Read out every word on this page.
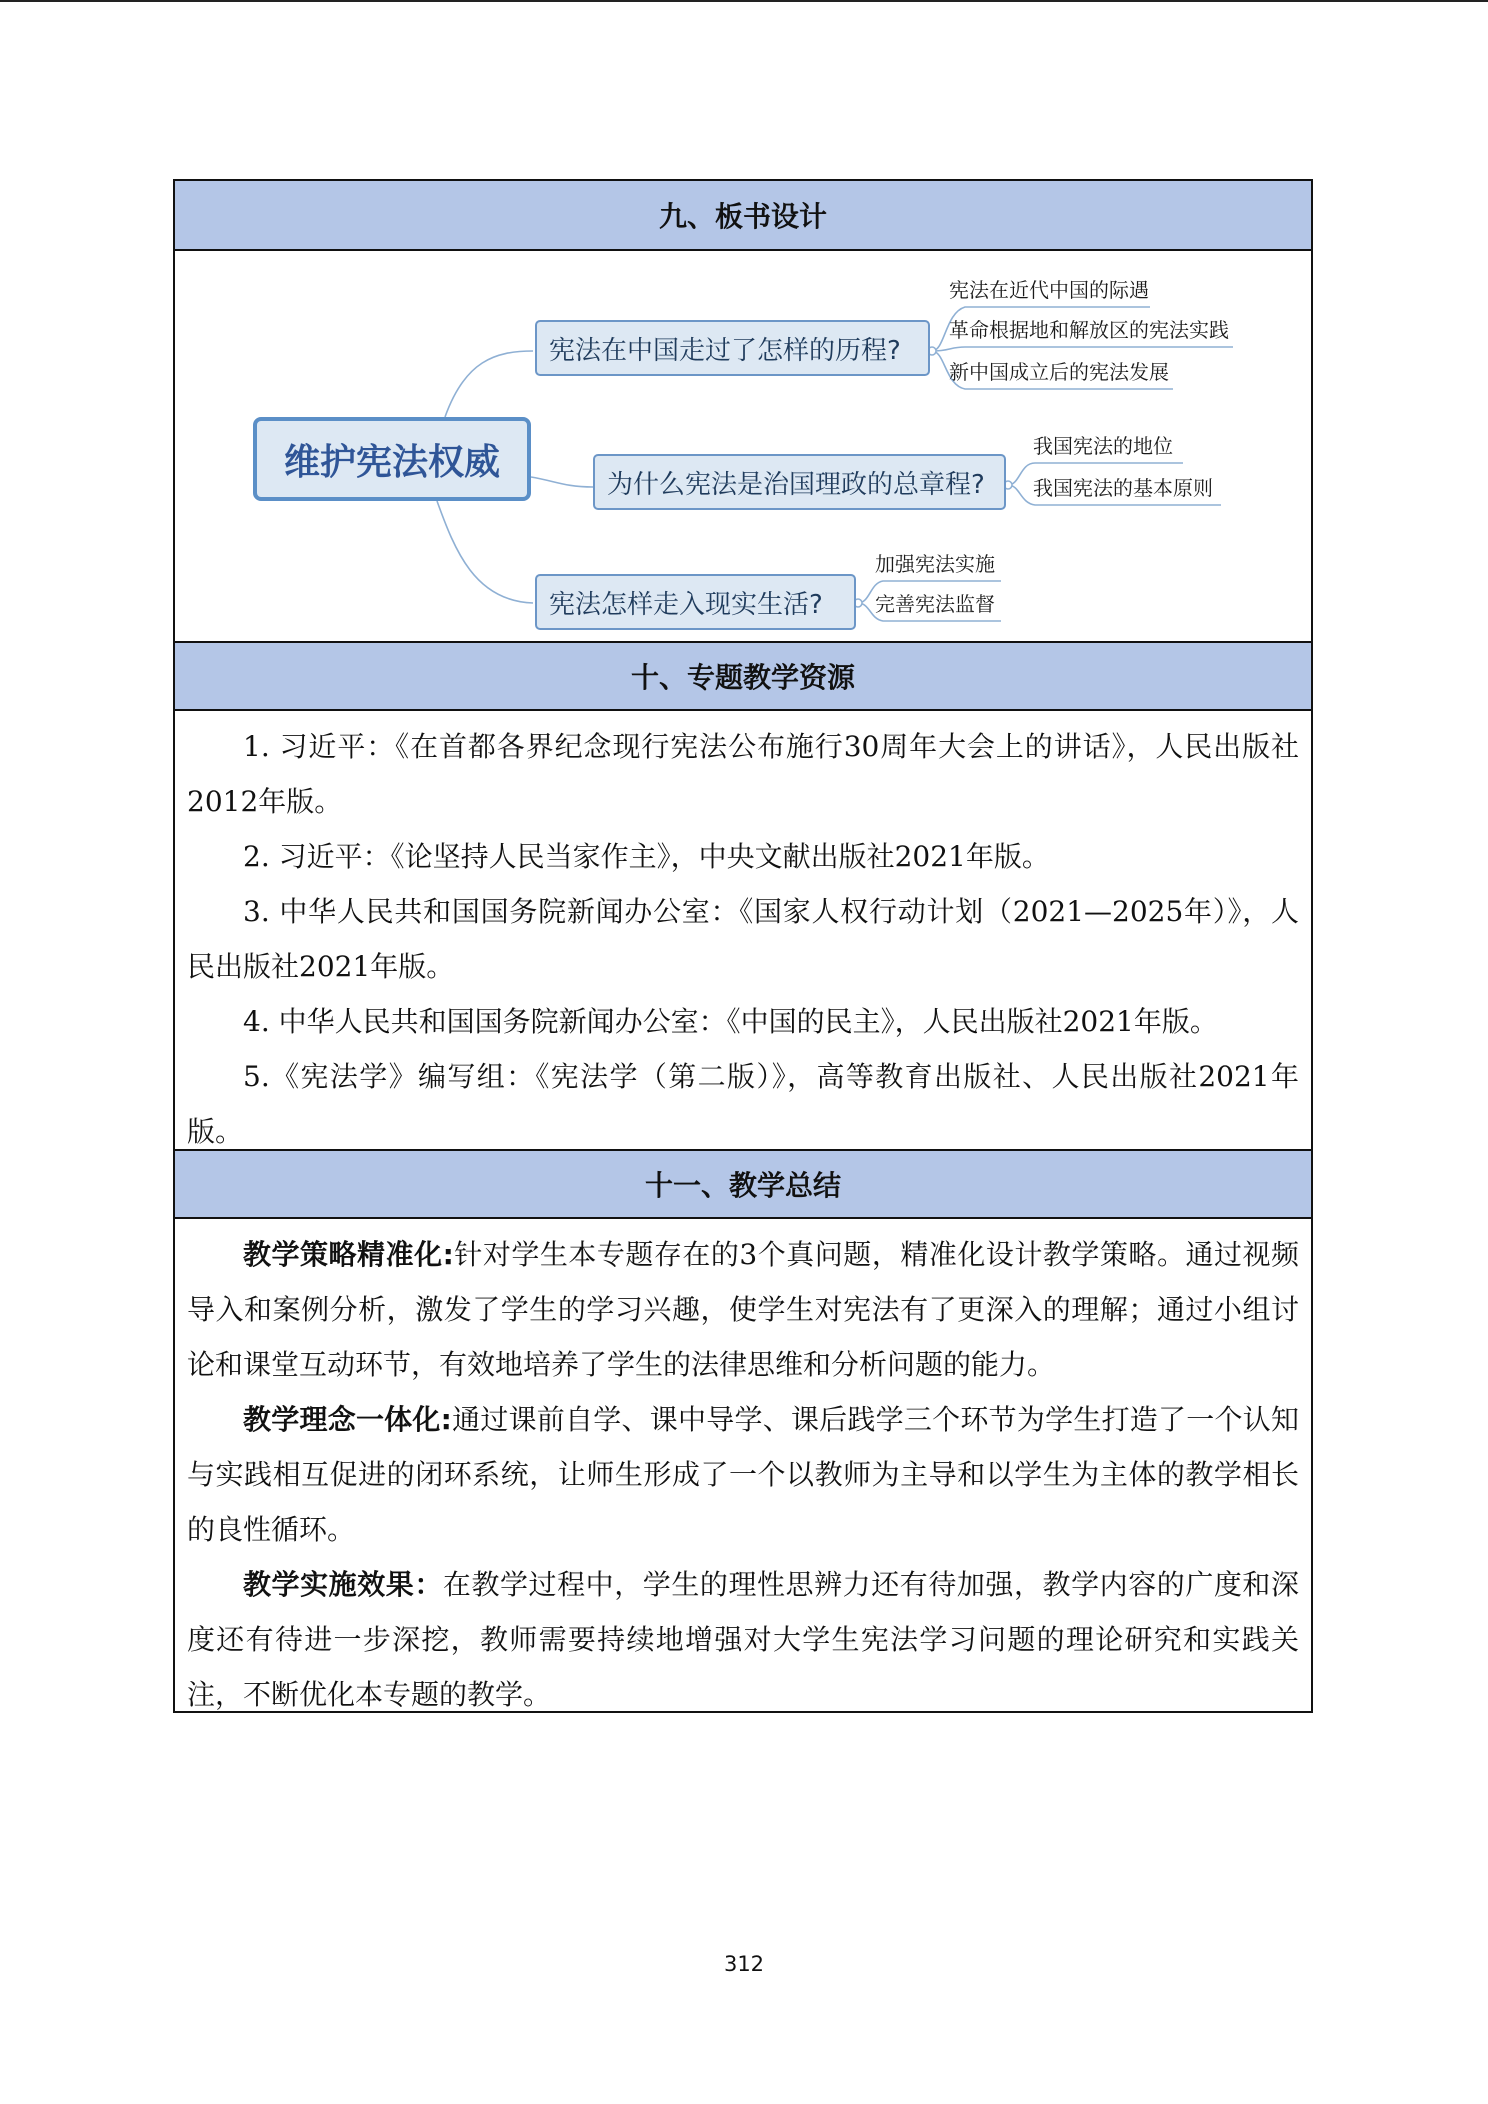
九、板书设计
维护宪法权威
宪法在中国走过了怎样的历程?
为什么宪法是治国理政的总章程?
宪法怎样走入现实生活?
宪法在近代中国的际遇
革命根据地和解放区的宪法实践
新中国成立后的宪法发展
我国宪法的地位
我国宪法的基本原则
加强宪法实施
完善宪法监督
十、专题教学资源

1. 习近平：《在首都各界纪念现行宪法公布施行30周年大会上的讲话》，人民出版社2012年版。

2. 习近平：《论坚持人民当家作主》，中央文献出版社2021年版。

3. 中华人民共和国国务院新闻办公室：《国家人权行动计划（2021—2025年）》，人民出版社2021年版。

4. 中华人民共和国国务院新闻办公室：《中国的民主》，人民出版社2021年版。

5.《宪法学》编写组：《宪法学（第二版）》，高等教育出版社、人民出版社2021年版。

十一、教学总结

教学策略精准化:针对学生本专题存在的3个真问题，精准化设计教学策略。通过视频导入和案例分析，激发了学生的学习兴趣，使学生对宪法有了更深入的理解；通过小组讨论和课堂互动环节，有效地培养了学生的法律思维和分析问题的能力。

教学理念一体化:通过课前自学、课中导学、课后践学三个环节为学生打造了一个认知与实践相互促进的闭环系统，让师生形成了一个以教师为主导和以学生为主体的教学相长的良性循环。

教学实施效果：在教学过程中，学生的理性思辨力还有待加强，教学内容的广度和深度还有待进一步深挖，教师需要持续地增强对大学生宪法学习问题的理论研究和实践关注，不断优化本专题的教学。

312
